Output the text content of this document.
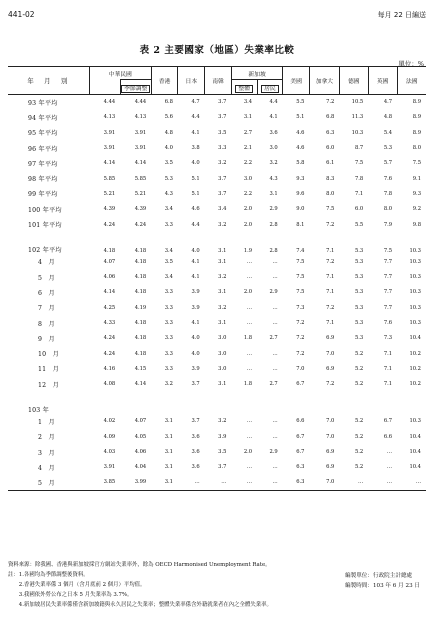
441-02	每月 22 日編送
表 2 主要國家（地區）失業率比較
單位：%
年　月　別	中華民國		香港	日本	南韓	新加坡		美國	加拿大	德國	英國	法國
		季節調整				整體	居民					
93 年平均	4.44	4.44	6.8	4.7	3.7	3.4	4.4	5.5	7.2	10.5	4.7	8.9
94 年平均	4.13	4.13	5.6	4.4	3.7	3.1	4.1	5.1	6.8	11.3	4.8	8.9
95 年平均	3.91	3.91	4.8	4.1	3.5	2.7	3.6	4.6	6.3	10.3	5.4	8.9
96 年平均	3.91	3.91	4.0	3.8	3.3	2.1	3.0	4.6	6.0	8.7	5.3	8.0
97 年平均	4.14	4.14	3.5	4.0	3.2	2.2	3.2	5.8	6.1	7.5	5.7	7.5
98 年平均	5.85	5.85	5.3	5.1	3.7	3.0	4.3	9.3	8.3	7.8	7.6	9.1
99 年平均	5.21	5.21	4.3	5.1	3.7	2.2	3.1	9.6	8.0	7.1	7.8	9.3
100 年平均	4.39	4.39	3.4	4.6	3.4	2.0	2.9	9.0	7.5	6.0	8.0	9.2
101 年平均	4.24	4.24	3.3	4.4	3.2	2.0	2.8	8.1	7.2	5.5	7.9	9.8
102 年平均	4.18	4.18	3.4	4.0	3.1	1.9	2.8	7.4	7.1	5.3	7.5	10.3
4　月	4.07	4.18	3.5	4.1	3.1	…	…	7.5	7.2	5.3	7.7	10.3
5　月	4.06	4.18	3.4	4.1	3.2	…	…	7.5	7.1	5.3	7.7	10.3
6　月	4.14	4.18	3.3	3.9	3.1	2.0	2.9	7.5	7.1	5.3	7.7	10.3
7　月	4.25	4.19	3.3	3.9	3.2	…	…	7.3	7.2	5.3	7.7	10.3
8　月	4.33	4.18	3.3	4.1	3.1	…	…	7.2	7.1	5.3	7.6	10.3
9　月	4.24	4.18	3.3	4.0	3.0	1.8	2.7	7.2	6.9	5.3	7.3	10.4
10　月	4.24	4.18	3.3	4.0	3.0	…	…	7.2	7.0	5.2	7.1	10.2
11　月	4.16	4.15	3.3	3.9	3.0	…	…	7.0	6.9	5.2	7.1	10.2
12　月	4.08	4.14	3.2	3.7	3.1	1.8	2.7	6.7	7.2	5.2	7.1	10.2
103 年												
1　月	4.02	4.07	3.1	3.7	3.2	…	…	6.6	7.0	5.2	6.7	10.3
2　月	4.09	4.05	3.1	3.6	3.9	…	…	6.7	7.0	5.2	6.6	10.4
3　月	4.03	4.06	3.1	3.6	3.5	2.0	2.9	6.7	6.9	5.2	…	10.4
4　月	3.91	4.04	3.1	3.6	3.7	…	…	6.3	6.9	5.2	…	10.4
5　月	3.85	3.99	3.1	…	…	…	…	6.3	7.0	…	…	…
資料來源：除我國、香港與新加坡採官方網站失業率外，餘為 OECD Harmonised Unemployment Rate。
註：1.各國均為季節調整後資料。
　　2.香港失業率係 3 個月（含月底前 2 個月）平均值。
　　3.我國依外勞公布之日本 5 月失業率為 3.7%。
　　4.新加坡居民失業率係僅含新加坡籍與永久居民之失業率；整體失業率係含外籍就業者在內之全體失業率。
編製單位：行政院主計總處
編製時間：103 年 6 月 23 日
